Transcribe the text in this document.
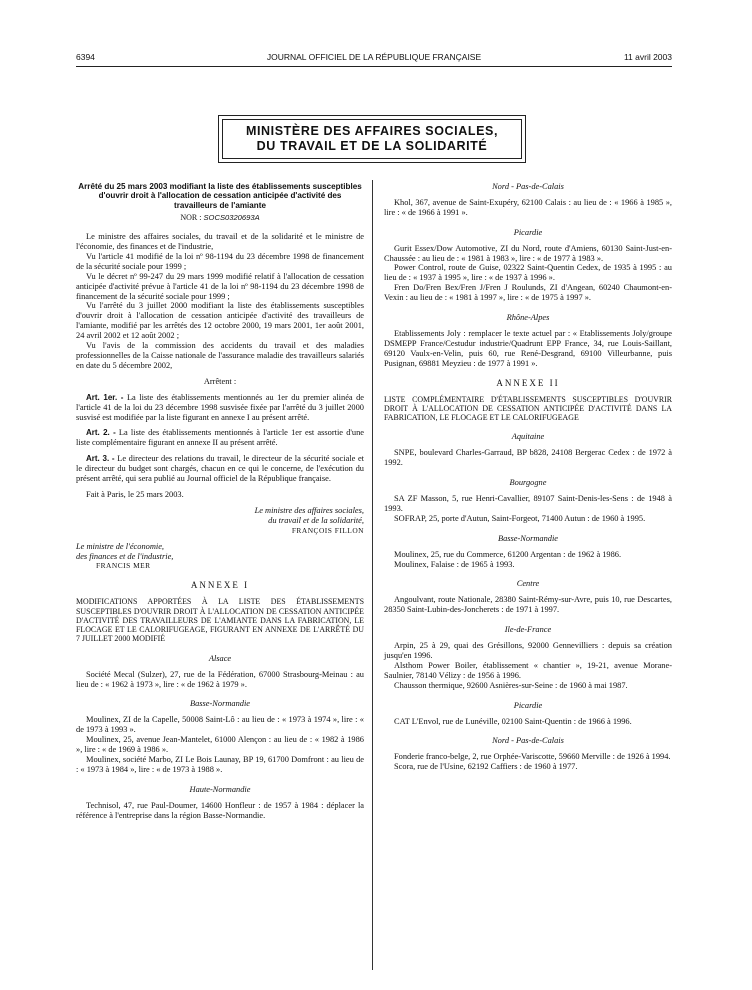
6394	JOURNAL OFFICIEL DE LA RÉPUBLIQUE FRANÇAISE	11 avril 2003
MINISTÈRE DES AFFAIRES SOCIALES,
DU TRAVAIL ET DE LA SOLIDARITÉ

Arrêté du 25 mars 2003 modifiant la liste des établissements susceptibles d'ouvrir droit à l'allocation de cessation anticipée d'activité des travailleurs de l'amiante

NOR : SOCS0320693A

Le ministre des affaires sociales, du travail et de la solidarité et le ministre de l'économie, des finances et de l'industrie,

Vu l'article 41 modifié de la loi nº 98-1194 du 23 décembre 1998 de financement de la sécurité sociale pour 1999 ;

Vu le décret nº 99-247 du 29 mars 1999 modifié relatif à l'allocation de cessation anticipée d'activité prévue à l'article 41 de la loi nº 98-1194 du 23 décembre 1998 de financement de la sécurité sociale pour 1999 ;

Vu l'arrêté du 3 juillet 2000 modifiant la liste des établissements susceptibles d'ouvrir droit à l'allocation de cessation anticipée d'activité des travailleurs de l'amiante, modifié par les arrêtés des 12 octobre 2000, 19 mars 2001, 1er août 2001, 24 avril 2002 et 12 août 2002 ;

Vu l'avis de la commission des accidents du travail et des maladies professionnelles de la Caisse nationale de l'assurance maladie des travailleurs salariés en date du 5 décembre 2002,

Arrêtent :

Art. 1er. - La liste des établissements mentionnés au 1er du premier alinéa de l'article 41 de la loi du 23 décembre 1998 susvisée fixée par l'arrêté du 3 juillet 2000 susvisé est modifiée par la liste figurant en annexe I au présent arrêté.

Art. 2. - La liste des établissements mentionnés à l'article 1er est assortie d'une liste complémentaire figurant en annexe II au présent arrêté.

Art. 3. - Le directeur des relations du travail, le directeur de la sécurité sociale et le directeur du budget sont chargés, chacun en ce qui le concerne, de l'exécution du présent arrêté, qui sera publié au Journal officiel de la République française.

Fait à Paris, le 25 mars 2003.

Le ministre des affaires sociales,

du travail et de la solidarité,

FRANÇOIS FILLON

Le ministre de l'économie,

des finances et de l'industrie,

FRANCIS MER

ANNEXE I

MODIFICATIONS APPORTÉES À LA LISTE DES ÉTABLISSEMENTS SUSCEPTIBLES D'OUVRIR DROIT À L'ALLOCATION DE CESSATION ANTICIPÉE D'ACTIVITÉ DES TRAVAILLEURS DE L'AMIANTE DANS LA FABRICATION, LE FLOCAGE ET LE CALORIFUGEAGE, FIGURANT EN ANNEXE DE L'ARRÊTÉ DU 7 JUILLET 2000 MODIFIÉ

Alsace

Société Mecal (Sulzer), 27, rue de la Fédération, 67000 Strasbourg-Meinau : au lieu de : « 1962 à 1973 », lire : « de 1962 à 1979 ».

Basse-Normandie

Moulinex, ZI de la Capelle, 50008 Saint-Lô : au lieu de : « 1973 à 1974 », lire : « de 1973 à 1993 ».

Moulinex, 25, avenue Jean-Mantelet, 61000 Alençon : au lieu de : « 1982 à 1986 », lire : « de 1969 à 1986 ».

Moulinex, société Marbo, ZI Le Bois Launay, BP 19, 61700 Domfront : au lieu de : « 1973 à 1984 », lire : « de 1973 à 1988 ».

Haute-Normandie

Technisol, 47, rue Paul-Doumer, 14600 Honfleur : de 1957 à 1984 : déplacer la référence à l'entreprise dans la région Basse-Normandie.

Nord - Pas-de-Calais

Khol, 367, avenue de Saint-Exupéry, 62100 Calais : au lieu de : « 1966 à 1985 », lire : « de 1966 à 1991 ».

Picardie

Gurit Essex/Dow Automotive, ZI du Nord, route d'Amiens, 60130 Saint-Just-en-Chaussée : au lieu de : « 1981 à 1983 », lire : « de 1977 à 1983 ».

Power Control, route de Guise, 02322 Saint-Quentin Cedex, de 1935 à 1995 : au lieu de : « 1937 à 1995 », lire : « de 1937 à 1996 ».

Fren Do/Fren Bex/Fren J/Fren J Roulunds, ZI d'Angean, 60240 Chaumont-en-Vexin : au lieu de : « 1981 à 1997 », lire : « de 1975 à 1997 ».

Rhône-Alpes

Etablissements Joly : remplacer le texte actuel par : « Etablissements Joly/groupe DSMEPP France/Cestudur industrie/Quadrunt EPP France, 34, rue Louis-Saillant, 69120 Vaulx-en-Velin, puis 60, rue René-Desgrand, 69100 Villeurbanne, puis Pusignan, 69881 Meyzieu : de 1977 à 1991 ».

ANNEXE II

LISTE COMPLÉMENTAIRE D'ÉTABLISSEMENTS SUSCEPTIBLES D'OUVRIR DROIT À L'ALLOCATION DE CESSATION ANTICIPÉE D'ACTIVITÉ DANS LA FABRICATION, LE FLOCAGE ET LE CALORIFUGEAGE

Aquitaine

SNPE, boulevard Charles-Garraud, BP b828, 24108 Bergerac Cedex : de 1972 à 1992.

Bourgogne

SA ZF Masson, 5, rue Henri-Cavallier, 89107 Saint-Denis-les-Sens : de 1948 à 1993.

SOFRAP, 25, porte d'Autun, Saint-Forgeot, 71400 Autun : de 1960 à 1995.

Basse-Normandie

Moulinex, 25, rue du Commerce, 61200 Argentan : de 1962 à 1986.

Moulinex, Falaise : de 1965 à 1993.

Centre

Angoulvant, route Nationale, 28380 Saint-Rémy-sur-Avre, puis 10, rue Descartes, 28350 Saint-Lubin-des-Joncherets : de 1971 à 1997.

Ile-de-France

Arpin, 25 à 29, quai des Grésillons, 92000 Gennevilliers : depuis sa création jusqu'en 1996.

Alsthom Power Boiler, établissement « chantier », 19-21, avenue Morane-Saulnier, 78140 Vélizy : de 1956 à 1996.

Chausson thermique, 92600 Asnières-sur-Seine : de 1960 à mai 1987.

Picardie

CAT L'Envol, rue de Lunéville, 02100 Saint-Quentin : de 1966 à 1996.

Nord - Pas-de-Calais

Fonderie franco-belge, 2, rue Orphée-Variscotte, 59660 Merville : de 1926 à 1994.

Scora, rue de l'Usine, 62192 Caffiers : de 1960 à 1977.
